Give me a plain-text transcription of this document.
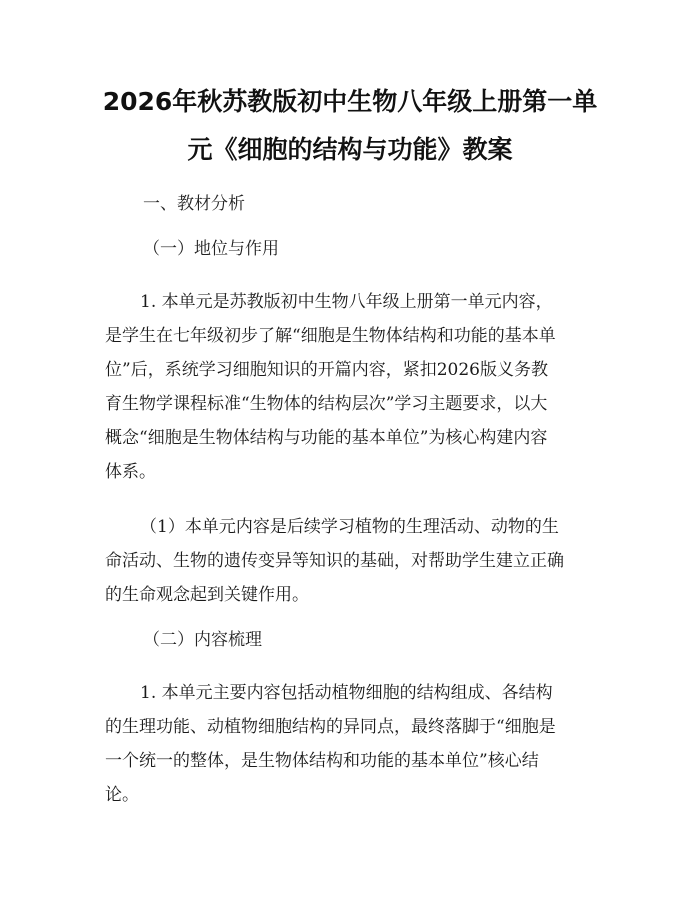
2026年秋苏教版初中生物八年级上册第一单
元《细胞的结构与功能》教案
一、教材分析
（一）地位与作用
1. 本单元是苏教版初中生物八年级上册第一单元内容，
是学生在七年级初步了解“细胞是生物体结构和功能的基本单
位”后，系统学习细胞知识的开篇内容，紧扣2026版义务教
育生物学课程标准“生物体的结构层次”学习主题要求，以大
概念“细胞是生物体结构与功能的基本单位”为核心构建内容
体系。
（1）本单元内容是后续学习植物的生理活动、动物的生
命活动、生物的遗传变异等知识的基础，对帮助学生建立正确
的生命观念起到关键作用。
（二）内容梳理
1. 本单元主要内容包括动植物细胞的结构组成、各结构
的生理功能、动植物细胞结构的异同点，最终落脚于“细胞是
一个统一的整体，是生物体结构和功能的基本单位”核心结
论。
